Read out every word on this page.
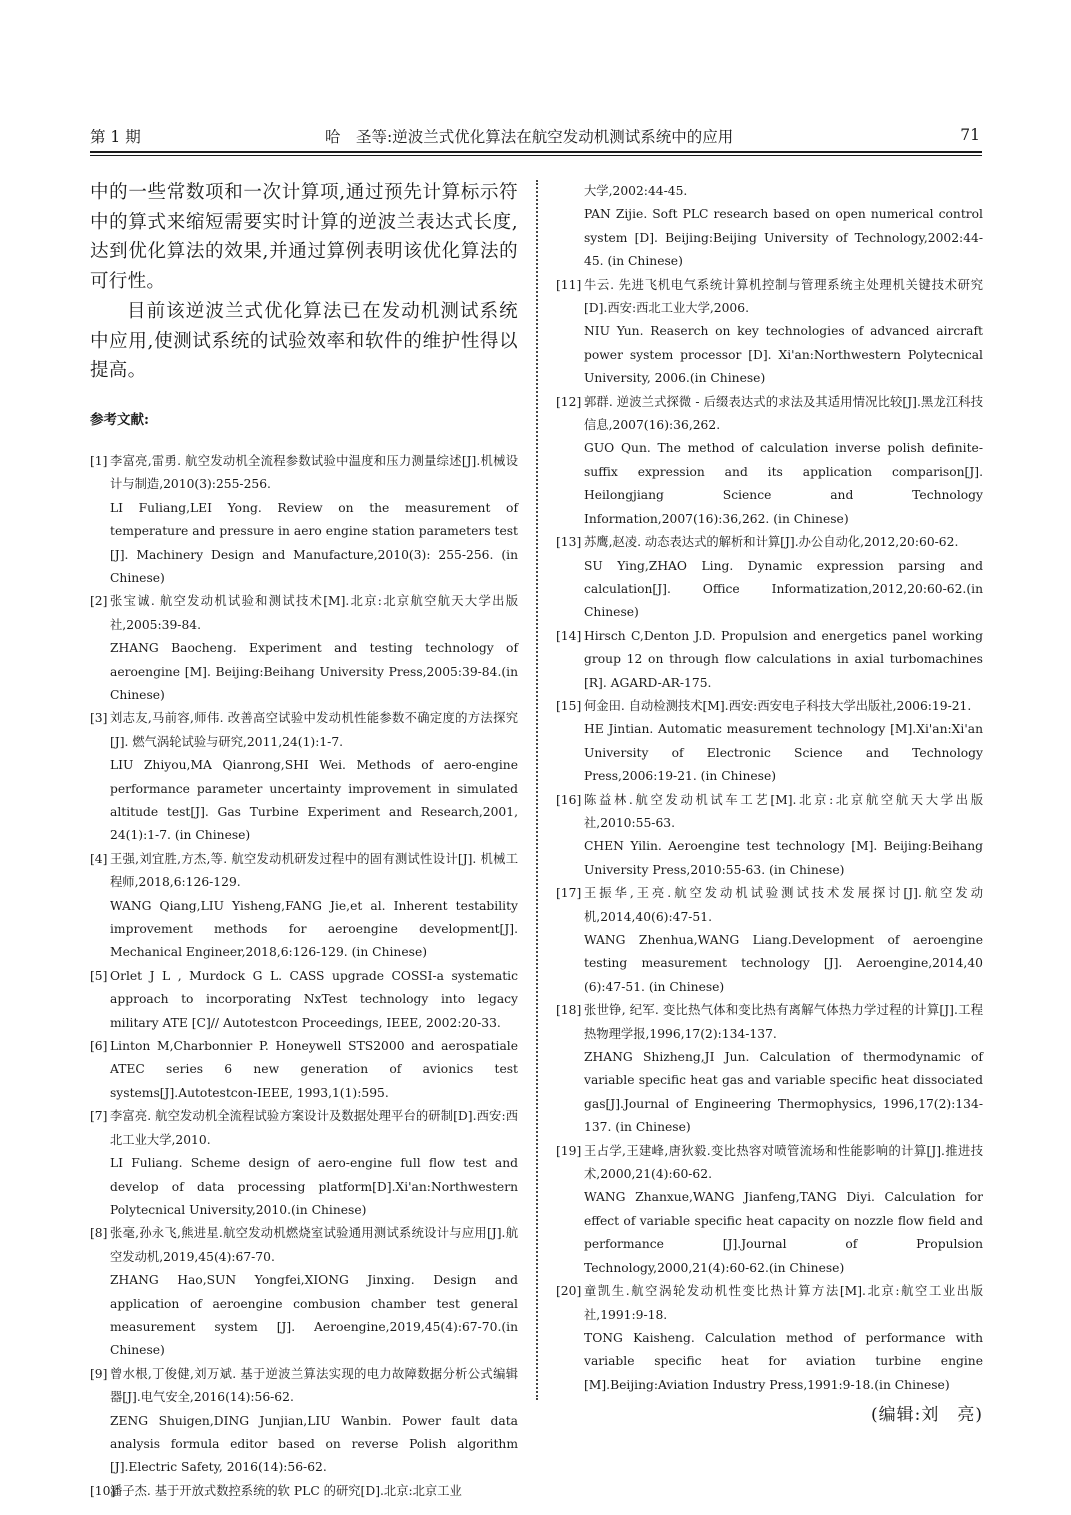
第 1 期	哈　圣等:逆波兰式优化算法在航空发动机测试系统中的应用	71

中的一些常数项和一次计算项,通过预先计算标示符中的算式来缩短需要实时计算的逆波兰表达式长度,达到优化算法的效果,并通过算例表明该优化算法的可行性。

目前该逆波兰式优化算法已在发动机测试系统中应用,使测试系统的试验效率和软件的维护性得以提高。

参考文献:
[1] 李富亮,雷勇. 航空发动机全流程参数试验中温度和压力测量综述[J].机械设计与制造,2010(3):255-256.
LI Fuliang,LEI Yong. Review on the measurement of temperature and pressure in aero engine station parameters test [J]. Machinery Design and Manufacture,2010(3): 255-256. (in Chinese)
[2] 张宝诚. 航空发动机试验和测试技术[M].北京:北京航空航天大学出版社,2005:39-84.
ZHANG Baocheng. Experiment and testing technology of aeroengine [M]. Beijing:Beihang University Press,2005:39-84.(in Chinese)
[3] 刘志友,马前容,师伟. 改善高空试验中发动机性能参数不确定度的方法探究[J]. 燃气涡轮试验与研究,2011,24(1):1-7.
LIU Zhiyou,MA Qianrong,SHI Wei. Methods of aero-engine performance parameter uncertainty improvement in simulated altitude test[J]. Gas Turbine Experiment and Research,2001, 24(1):1-7. (in Chinese)
[4] 王强,刘宜胜,方杰,等. 航空发动机研发过程中的固有测试性设计[J]. 机械工程师,2018,6:126-129.
WANG Qiang,LIU Yisheng,FANG Jie,et al. Inherent testability improvement methods for aeroengine development[J]. Mechanical Engineer,2018,6:126-129. (in Chinese)
[5] Orlet J L , Murdock G L. CASS upgrade COSSI-a systematic approach to incorporating NxTest technology into legacy military ATE [C]// Autotestcon Proceedings, IEEE, 2002:20-33.
[6] Linton M,Charbonnier P. Honeywell STS2000 and aerospatiale ATEC series 6 new generation of avionics test systems[J].Autotestcon-IEEE, 1993,1(1):595.
[7] 李富亮. 航空发动机全流程试验方案设计及数据处理平台的研制[D].西安:西北工业大学,2010.
LI Fuliang. Scheme design of aero-engine full flow test and develop of data processing platform[D].Xi'an:Northwestern Polytecnical University,2010.(in Chinese)
[8] 张毫,孙永飞,熊进星.航空发动机燃烧室试验通用测试系统设计与应用[J].航空发动机,2019,45(4):67-70.
ZHANG Hao,SUN Yongfei,XIONG Jinxing. Design and application of aeroengine combusion chamber test general measurement system [J]. Aeroengine,2019,45(4):67-70.(in Chinese)
[9] 曾水根,丁俊健,刘万斌. 基于逆波兰算法实现的电力故障数据分析公式编辑器[J].电气安全,2016(14):56-62.
ZENG Shuigen,DING Junjian,LIU Wanbin. Power fault data analysis formula editor based on reverse Polish algorithm [J].Electric Safety, 2016(14):56-62.
[10]
潘子杰. 基于开放式数控系统的软 PLC 的研究[D].北京:北京工业
大学,2002:44-45.
PAN Zijie. Soft PLC research based on open numerical control system [D]. Beijing:Beijing University of Technology,2002:44-45. (in Chinese)
[11] 牛云. 先进飞机电气系统计算机控制与管理系统主处理机关键技术研究[D].西安:西北工业大学,2006.
NIU Yun. Reaserch on key technologies of advanced aircraft power system processor [D]. Xi'an:Northwestern Polytecnical University, 2006.(in Chinese)
[12] 郭群. 逆波兰式探微 - 后缀表达式的求法及其适用情况比较[J].黑龙江科技信息,2007(16):36,262.
GUO Qun. The method of calculation inverse polish definite-suffix expression and its application comparison[J]. Heilongjiang Science and Technology Information,2007(16):36,262. (in Chinese)
[13] 苏鹰,赵凌. 动态表达式的解析和计算[J].办公自动化,2012,20:60-62.
SU Ying,ZHAO Ling. Dynamic expression parsing and calculation[J]. Office Informatization,2012,20:60-62.(in Chinese)
[14] Hirsch C,Denton J.D. Propulsion and energetics panel working group 12 on through flow calculations in axial turbomachines [R]. AGARD-AR-175.
[15] 何金田. 自动检测技术[M].西安:西安电子科技大学出版社,2006:19-21.
HE Jintian. Automatic measurement technology [M].Xi'an:Xi'an University of Electronic Science and Technology Press,2006:19-21. (in Chinese)
[16] 陈益林.航空发动机试车工艺[M].北京:北京航空航天大学出版社,2010:55-63.
CHEN Yilin. Aeroengine test technology [M]. Beijing:Beihang University Press,2010:55-63. (in Chinese)
[17] 王振华,王亮.航空发动机试验测试技术发展探讨[J].航空发动机,2014,40(6):47-51.
WANG Zhenhua,WANG Liang.Development of aeroengine testing measurement technology [J]. Aeroengine,2014,40 (6):47-51. (in Chinese)
[18] 张世铮, 纪军. 变比热气体和变比热有离解气体热力学过程的计算[J].工程热物理学报,1996,17(2):134-137.
ZHANG Shizheng,JI Jun. Calculation of thermodynamic of variable specific heat gas and variable specific heat dissociated gas[J].Journal of Engineering Thermophysics, 1996,17(2):134-137. (in Chinese)
[19] 王占学,王建峰,唐狄毅.变比热容对喷管流场和性能影响的计算[J].推进技术,2000,21(4):60-62.
WANG Zhanxue,WANG Jianfeng,TANG Diyi. Calculation for effect of variable specific heat capacity on nozzle flow field and performance [J].Journal of Propulsion Technology,2000,21(4):60-62.(in Chinese)
[20] 童凯生.航空涡轮发动机性变比热计算方法[M].北京:航空工业出版社,1991:9-18.
TONG Kaisheng. Calculation method of performance with variable specific heat for aviation turbine engine [M].Beijing:Aviation Industry Press,1991:9-18.(in Chinese)
(编辑:刘　亮)
